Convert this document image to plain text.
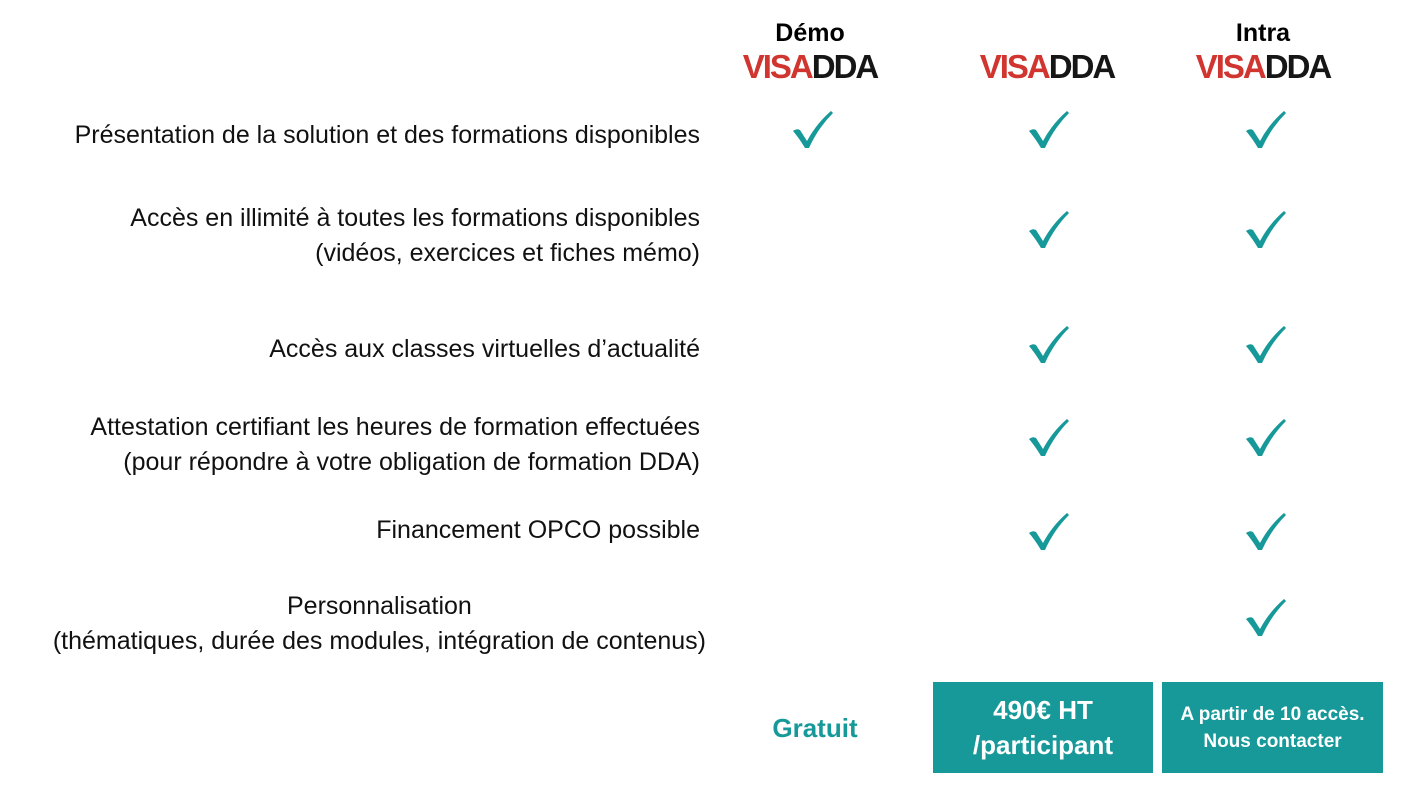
Démo
VISADDA	VISADDA
Intra
VISADDA
Présentation de la solution et des formations disponibles
Accès en illimité à toutes les formations disponibles
(vidéos, exercices et fiches mémo)
Accès aux classes virtuelles d’actualité
Attestation certifiant les heures de formation effectuées
(pour répondre à votre obligation de formation DDA)
Financement OPCO possible
Personnalisation
(thématiques, durée des modules, intégration de contenus)
Gratuit
490€ HT
/participant
A partir de 10 accès.
Nous contacter
